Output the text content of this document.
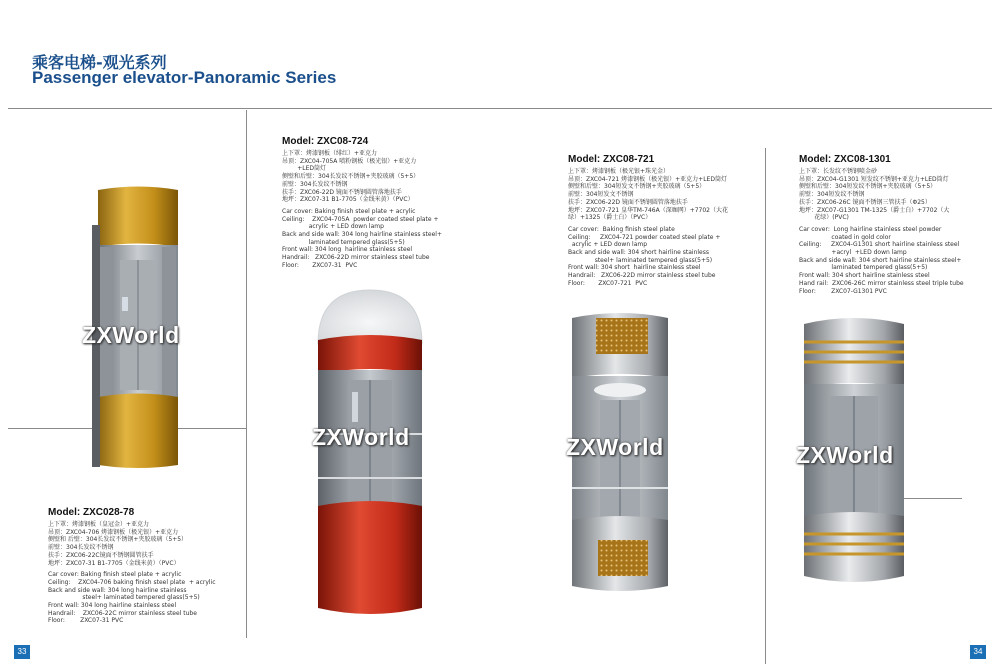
乘客电梯-观光系列
Passenger elevator-Panoramic Series
ZXWorld
ZXWorld	ZXWorld	ZXWorld
Model: ZXC028-78
上下罩：烤漆钢板（皇冠金）+亚克力
吊顶：ZXC04-706 烤漆钢板（极光银）+亚克力
侧壁和 后壁：304长发纹不锈钢+夹胶玻璃（5+5）
前壁：304长发纹不锈钢
扶手：ZXC06-22C镜面不锈钢圆管扶手
地坪：ZXC07-31 B1-7705（金线米黄）（PVC）
Car cover: Baking finish steel plate + acrylic
Ceiling:    ZXC04-706 baking finish steel plate  + acrylic
Back and side wall: 304 long hairline stainless
steel+ laminated tempered glass(5+5)
Front wall: 304 long hairline stainless steel
Handrail:    ZXC06-22C mirror stainless steel tube
Floor:        ZXC07-31 PVC
Model: ZXC08-724
上下罩：烤漆钢板（绯红）+亚克力
吊顶：ZXC04-705A 喷粉钢板（极光银）+亚克力
+LED筒灯
侧壁和后壁：304长发纹不锈钢+夹胶玻璃（5+5）
前壁：304长发纹不锈钢
扶手：ZXC06-22D 镜面不锈钢圆管落地扶手
地坪：ZXC07-31 B1-7705（金线米黄）（PVC）
Car cover: Baking finish steel plate + acrylic
Ceiling:    ZXC04-705A  powder coated steel plate +
acrylic + LED down lamp
Back and side wall: 304 long hairline stainless steel+
laminated tempered glass(5+5)
Front wall: 304 long  hairline stainless steel
Handrail:   ZXC06-22D mirror stainless steel tube
Floor:       ZXC07-31  PVC
Model: ZXC08-721
上下罩：烤漆钢板（极光银+珠光金）
吊顶：ZXC04-721 烤漆钢板（极光银）+亚克力+LED筒灯
侧壁和后壁：304短发文不锈钢+夹胶玻璃（5+5）
前壁：304短发文不锈钢
扶手：ZXC06-22D 镜面不锈钢圆管落地扶手
地坪：ZXC07-721 皇华TM-746A（深咖网）+7702（大花
绿）+1325（爵士白）（PVC）
Car cover:  Baking finish steel plate
Ceiling:     ZXC04-721 powder coated steel plate +
acrylic + LED down lamp
Back and side wall: 304 short hairline stainless
steel+ laminated tempered glass(5+5)
Front wall: 304 short  hairline stainless steel
Handrail:   ZXC06-22D mirror stainless steel tube
Floor:       ZXC07-721  PVC
Model: ZXC08-1301
上下罩：长发纹不锈钢喷金砂
吊顶：ZXC04-G1301 短发纹不锈钢+亚克力+LED筒灯
侧壁和后壁：304短发纹不锈钢+夹胶玻璃（5+5）
前壁：304短发纹不锈钢
扶手：ZXC06-26C 镜面不锈钢三管扶手（Φ25）
地坪：ZXC07-G1301 TM-1325（爵士白）+7702（大
花绿）(PVC)
Car cover:  Long hairline stainless steel powder
coated in gold color
Ceiling:     ZXC04-G1301 short hairline stainless steel
+acryl  +LED down lamp
Back and side wall: 304 short hairline stainless steel+
laminated tempered glass(5+5)
Front wall: 304 short hairline stainless steel
Hand rail:  ZXC06-26C mirror stainless steel triple tube
Floor:        ZXC07-G1301 PVC
33	34
